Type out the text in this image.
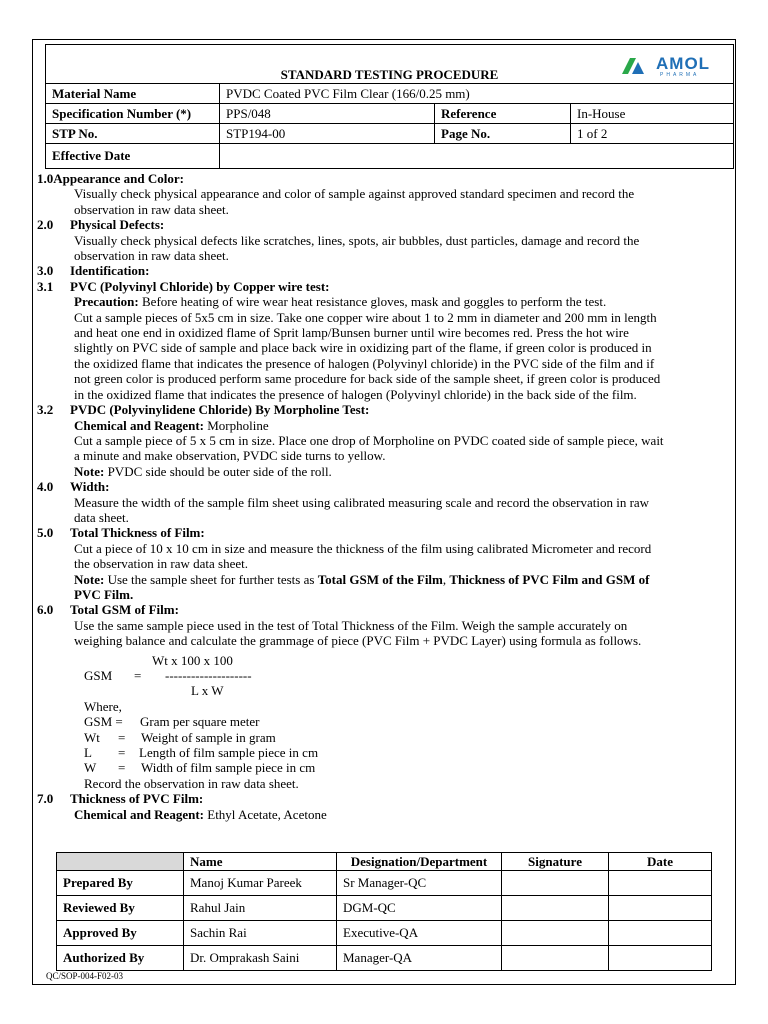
STANDARD TESTING PROCEDURE
AMOL
PHARMA
Material Name	PVDC Coated PVC Film Clear (166/0.25 mm)
Specification Number (*)	PPS/048	Reference	In-House
STP No.	STP194-00	Page No.	1 of 2
Effective Date
1.0Appearance and Color:
Visually check physical appearance and color of sample against approved standard specimen and record the
observation in raw data sheet.
2.0 Physical Defects:
Visually check physical defects like scratches, lines, spots, air bubbles, dust particles, damage and record the
observation in raw data sheet.
3.0 Identification:
3.1 PVC (Polyvinyl Chloride) by Copper wire test:
Precaution: Before heating of wire wear heat resistance gloves, mask and goggles to perform the test.
Cut a sample pieces of 5x5 cm in size. Take one copper wire about 1 to 2 mm in diameter and 200 mm in length
and heat one end in oxidized flame of Sprit lamp/Bunsen burner until wire becomes red. Press the hot wire
slightly on PVC side of sample and place back wire in oxidizing part of the flame, if green color is produced in
the oxidized flame that indicates the presence of halogen (Polyvinyl chloride) in the PVC side of the film and if
not green color is produced perform same procedure for back side of the sample sheet, if green color is produced
in the oxidized flame that indicates the presence of halogen (Polyvinyl chloride) in the back side of the film.
3.2 PVDC (Polyvinylidene Chloride) By Morpholine Test:
Chemical and Reagent: Morpholine
Cut a sample piece of 5 x 5 cm in size. Place one drop of Morpholine on PVDC coated side of sample piece, wait
a minute and make observation, PVDC side turns to yellow.
Note: PVDC side should be outer side of the roll.
4.0 Width:
Measure the width of the sample film sheet using calibrated measuring scale and record the observation in raw
data sheet.
5.0 Total Thickness of Film:
Cut a piece of 10 x 10 cm in size and measure the thickness of the film using calibrated Micrometer and record
the observation in raw data sheet.
Note: Use the sample sheet for further tests as Total GSM of the Film, Thickness of PVC Film and GSM of
PVC Film.
6.0 Total GSM of Film:
Use the same sample piece used in the test of Total Thickness of the Film. Weigh the sample accurately on
weighing balance and calculate the grammage of piece (PVC Film + PVDC Layer) using formula as follows.
Wt x 100 x 100
GSM = --------------------
L x W
Where,
GSM = Gram per square meter
Wt = Weight of sample in gram
L = Length of film sample piece in cm
W = Width of film sample piece in cm
Record the observation in raw data sheet.
7.0 Thickness of PVC Film:
Chemical and Reagent: Ethyl Acetate, Acetone
	Name	Designation/Department	Signature	Date
Prepared By	Manoj Kumar Pareek	Sr Manager-QC		
Reviewed By	Rahul Jain	DGM-QC		
Approved By	Sachin Rai	Executive-QA		
Authorized By	Dr. Omprakash Saini	Manager-QA		
QC/SOP-004-F02-03
